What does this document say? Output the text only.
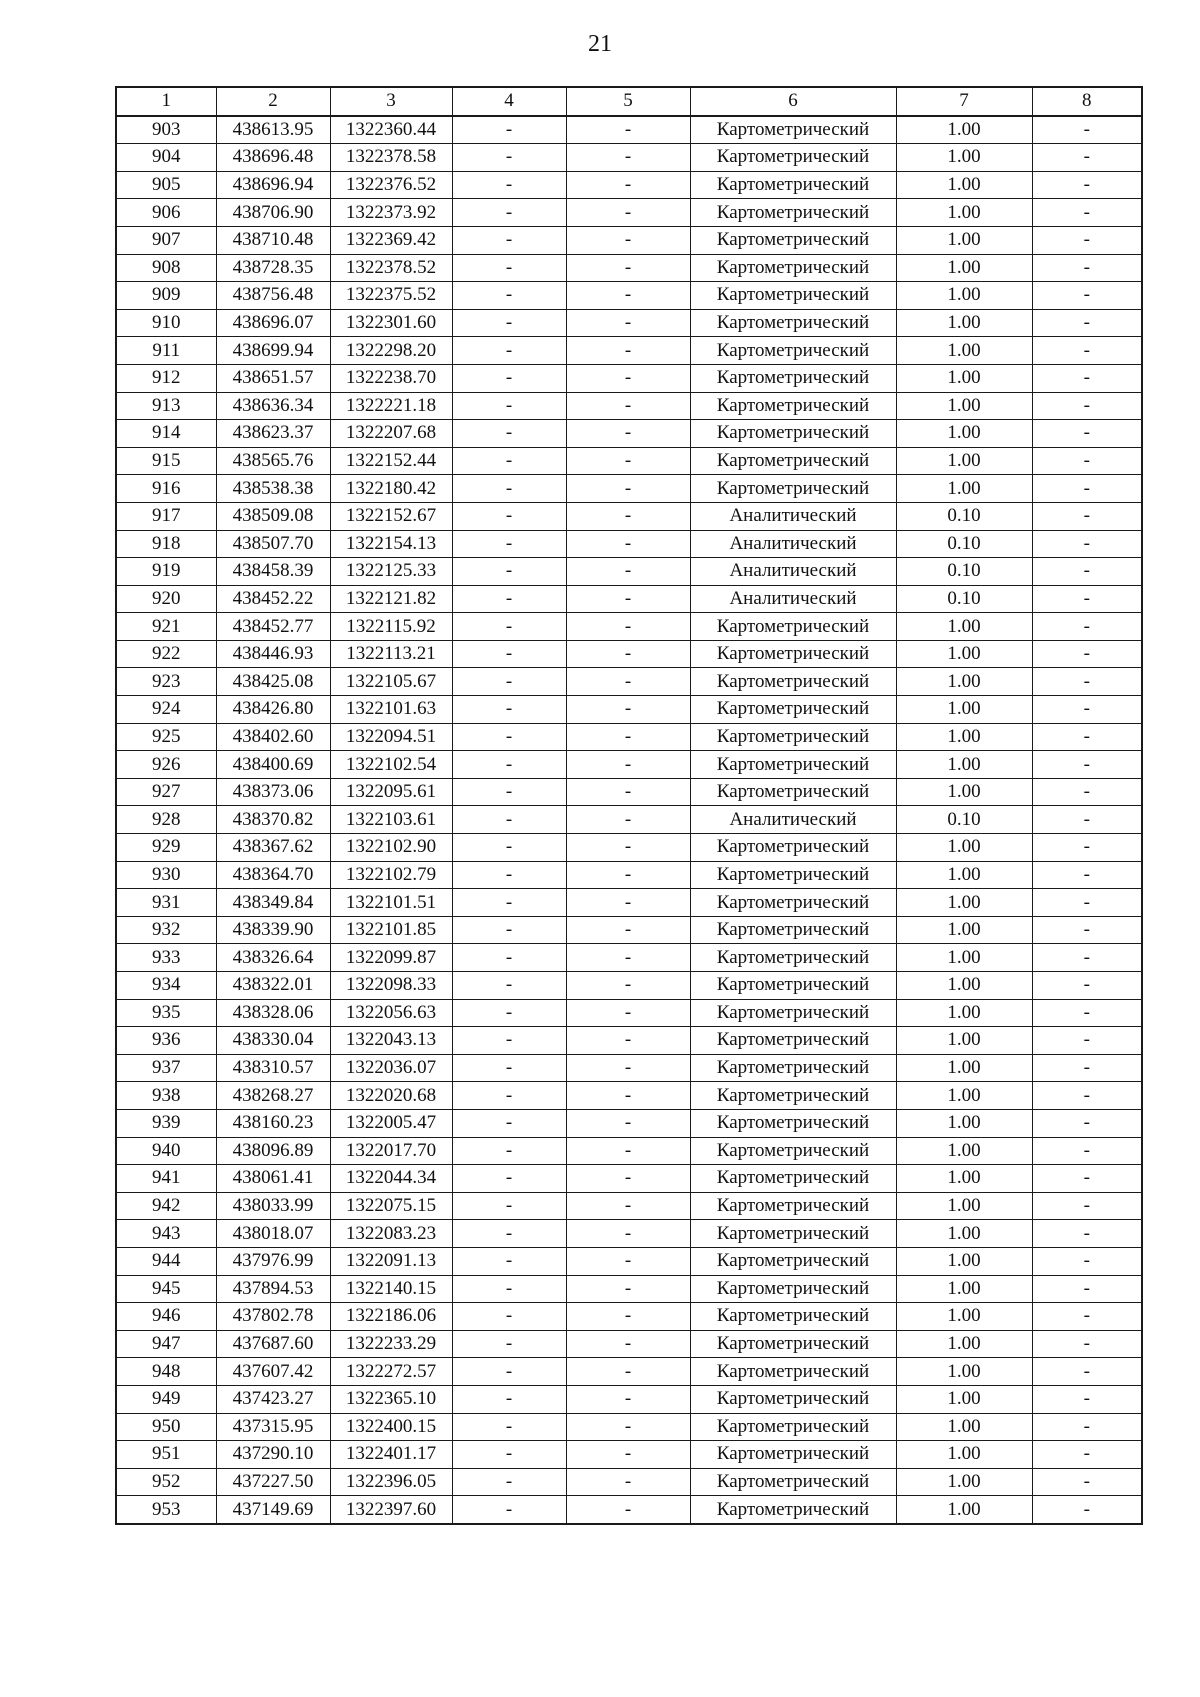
21
1	2	3	4	5	6	7	8
903	438613.95	1322360.44	-	-	Картометрический	1.00	-
904	438696.48	1322378.58	-	-	Картометрический	1.00	-
905	438696.94	1322376.52	-	-	Картометрический	1.00	-
906	438706.90	1322373.92	-	-	Картометрический	1.00	-
907	438710.48	1322369.42	-	-	Картометрический	1.00	-
908	438728.35	1322378.52	-	-	Картометрический	1.00	-
909	438756.48	1322375.52	-	-	Картометрический	1.00	-
910	438696.07	1322301.60	-	-	Картометрический	1.00	-
911	438699.94	1322298.20	-	-	Картометрический	1.00	-
912	438651.57	1322238.70	-	-	Картометрический	1.00	-
913	438636.34	1322221.18	-	-	Картометрический	1.00	-
914	438623.37	1322207.68	-	-	Картометрический	1.00	-
915	438565.76	1322152.44	-	-	Картометрический	1.00	-
916	438538.38	1322180.42	-	-	Картометрический	1.00	-
917	438509.08	1322152.67	-	-	Аналитический	0.10	-
918	438507.70	1322154.13	-	-	Аналитический	0.10	-
919	438458.39	1322125.33	-	-	Аналитический	0.10	-
920	438452.22	1322121.82	-	-	Аналитический	0.10	-
921	438452.77	1322115.92	-	-	Картометрический	1.00	-
922	438446.93	1322113.21	-	-	Картометрический	1.00	-
923	438425.08	1322105.67	-	-	Картометрический	1.00	-
924	438426.80	1322101.63	-	-	Картометрический	1.00	-
925	438402.60	1322094.51	-	-	Картометрический	1.00	-
926	438400.69	1322102.54	-	-	Картометрический	1.00	-
927	438373.06	1322095.61	-	-	Картометрический	1.00	-
928	438370.82	1322103.61	-	-	Аналитический	0.10	-
929	438367.62	1322102.90	-	-	Картометрический	1.00	-
930	438364.70	1322102.79	-	-	Картометрический	1.00	-
931	438349.84	1322101.51	-	-	Картометрический	1.00	-
932	438339.90	1322101.85	-	-	Картометрический	1.00	-
933	438326.64	1322099.87	-	-	Картометрический	1.00	-
934	438322.01	1322098.33	-	-	Картометрический	1.00	-
935	438328.06	1322056.63	-	-	Картометрический	1.00	-
936	438330.04	1322043.13	-	-	Картометрический	1.00	-
937	438310.57	1322036.07	-	-	Картометрический	1.00	-
938	438268.27	1322020.68	-	-	Картометрический	1.00	-
939	438160.23	1322005.47	-	-	Картометрический	1.00	-
940	438096.89	1322017.70	-	-	Картометрический	1.00	-
941	438061.41	1322044.34	-	-	Картометрический	1.00	-
942	438033.99	1322075.15	-	-	Картометрический	1.00	-
943	438018.07	1322083.23	-	-	Картометрический	1.00	-
944	437976.99	1322091.13	-	-	Картометрический	1.00	-
945	437894.53	1322140.15	-	-	Картометрический	1.00	-
946	437802.78	1322186.06	-	-	Картометрический	1.00	-
947	437687.60	1322233.29	-	-	Картометрический	1.00	-
948	437607.42	1322272.57	-	-	Картометрический	1.00	-
949	437423.27	1322365.10	-	-	Картометрический	1.00	-
950	437315.95	1322400.15	-	-	Картометрический	1.00	-
951	437290.10	1322401.17	-	-	Картометрический	1.00	-
952	437227.50	1322396.05	-	-	Картометрический	1.00	-
953	437149.69	1322397.60	-	-	Картометрический	1.00	-
